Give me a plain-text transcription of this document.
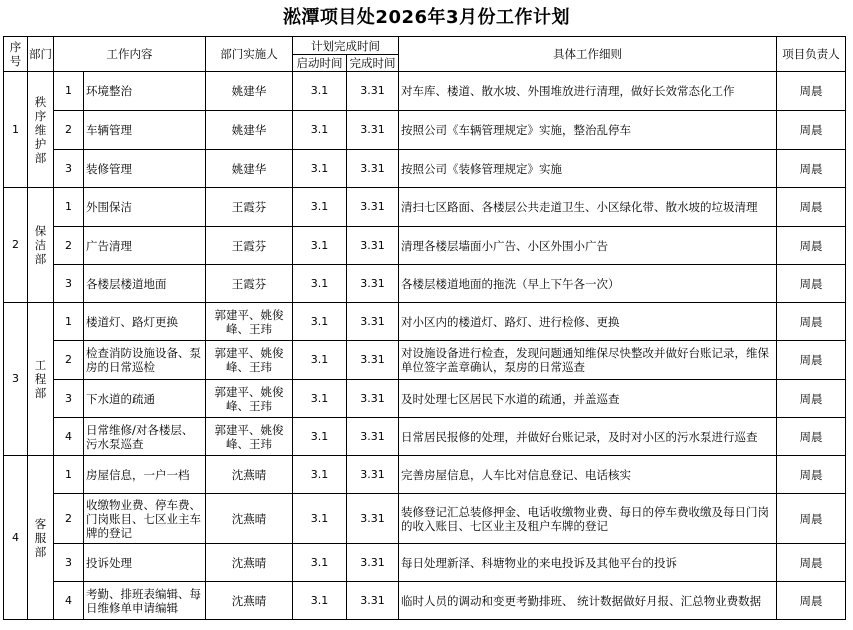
淞潭项目处2026年3月份工作计划
序号	部门	工作内容		部门实施人	计划完成时间		具体工作细则	项目负责人
					启动时间	完成时间		
1	秩序维护部	1	环境整治	姚建华	3.1	3.31	对车库、楼道、散水坡、外围堆放进行清理，做好长效常态化工作	周晨
		2	车辆管理	姚建华	3.1	3.31	按照公司《车辆管理规定》实施，整治乱停车	周晨
		3	装修管理	姚建华	3.1	3.31	按照公司《装修管理规定》实施	周晨
2	保洁部	1	外围保洁	王霞芬	3.1	3.31	清扫七区路面、各楼层公共走道卫生、小区绿化带、散水坡的垃圾清理	周晨
		2	广告清理	王霞芬	3.1	3.31	清理各楼层墙面小广告、小区外围小广告	周晨
		3	各楼层楼道地面	王霞芬	3.1	3.31	各楼层楼道地面的拖洗（早上下午各一次）	周晨
3	工程部	1	楼道灯、路灯更换	郭建平、姚俊峰、王玮	3.1	3.31	对小区内的楼道灯、路灯、进行检修、更换	周晨
		2	检查消防设施设备、泵房的日常巡检	郭建平、姚俊峰、王玮	3.1	3.31	对设施设备进行检查，发现问题通知维保尽快整改并做好台账记录，维保单位签字盖章确认，泵房的日常巡查	周晨
		3	下水道的疏通	郭建平、姚俊峰、王玮	3.1	3.31	及时处理七区居民下水道的疏通，并盖巡查	周晨
		4	日常维修/对各楼层、污水泵巡查	郭建平、姚俊峰、王玮	3.1	3.31	日常居民报修的处理，并做好台账记录，及时对小区的污水泵进行巡查	周晨
4	客服部	1	房屋信息，一户一档	沈燕晴	3.1	3.31	完善房屋信息，人车比对信息登记、电话核实	周晨
		2	收缴物业费、停车费、门岗账目、七区业主车牌的登记	沈燕晴	3.1	3.31	装修登记汇总装修押金、电话收缴物业费、每日的停车费收缴及每日门岗的收入账目、七区业主及租户车牌的登记	周晨
		3	投诉处理	沈燕晴	3.1	3.31	每日处理新泽、科塘物业的来电投诉及其他平台的投诉	周晨
		4	考勤、排班表编辑、每日维修单申请编辑	沈燕晴	3.1	3.31	临时人员的调动和变更考勤排班、 统计数据做好月报、汇总物业费数据	周晨
